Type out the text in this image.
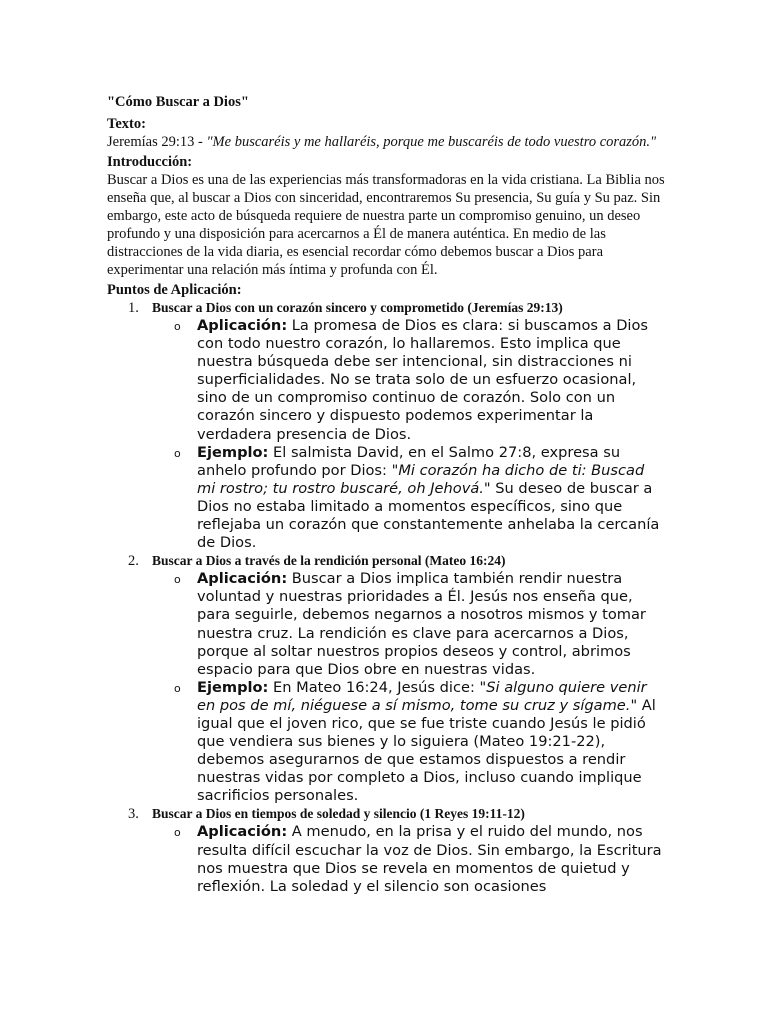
"Cómo Buscar a Dios"

Texto:

Jeremías 29:13 - "Me buscaréis y me hallaréis, porque me buscaréis de todo vuestro corazón."

Introducción:

Buscar a Dios es una de las experiencias más transformadoras en la vida cristiana. La Biblia nos enseña que, al buscar a Dios con sinceridad, encontraremos Su presencia, Su guía y Su paz. Sin embargo, este acto de búsqueda requiere de nuestra parte un compromiso genuino, un deseo profundo y una disposición para acercarnos a Él de manera auténtica. En medio de las distracciones de la vida diaria, es esencial recordar cómo debemos buscar a Dios para experimentar una relación más íntima y profunda con Él.

Puntos de Aplicación:

1. Buscar a Dios con un corazón sincero y comprometido (Jeremías 29:13)
o Aplicación: La promesa de Dios es clara: si buscamos a Dios con todo nuestro corazón, lo hallaremos. Esto implica que nuestra búsqueda debe ser intencional, sin distracciones ni superficialidades. No se trata solo de un esfuerzo ocasional, sino de un compromiso continuo de corazón. Solo con un corazón sincero y dispuesto podemos experimentar la verdadera presencia de Dios.
o Ejemplo: El salmista David, en el Salmo 27:8, expresa su anhelo profundo por Dios: "Mi corazón ha dicho de ti: Buscad mi rostro; tu rostro buscaré, oh Jehová." Su deseo de buscar a Dios no estaba limitado a momentos específicos, sino que reflejaba un corazón que constantemente anhelaba la cercanía de Dios.
2. Buscar a Dios a través de la rendición personal (Mateo 16:24)
o Aplicación: Buscar a Dios implica también rendir nuestra voluntad y nuestras prioridades a Él. Jesús nos enseña que, para seguirle, debemos negarnos a nosotros mismos y tomar nuestra cruz. La rendición es clave para acercarnos a Dios, porque al soltar nuestros propios deseos y control, abrimos espacio para que Dios obre en nuestras vidas.
o Ejemplo: En Mateo 16:24, Jesús dice: "Si alguno quiere venir en pos de mí, niéguese a sí mismo, tome su cruz y sígame." Al igual que el joven rico, que se fue triste cuando Jesús le pidió que vendiera sus bienes y lo siguiera (Mateo 19:21-22), debemos asegurarnos de que estamos dispuestos a rendir nuestras vidas por completo a Dios, incluso cuando implique sacrificios personales.
3. Buscar a Dios en tiempos de soledad y silencio (1 Reyes 19:11-12)
o Aplicación: A menudo, en la prisa y el ruido del mundo, nos resulta difícil escuchar la voz de Dios. Sin embargo, la Escritura nos muestra que Dios se revela en momentos de quietud y reflexión. La soledad y el silencio son ocasiones
